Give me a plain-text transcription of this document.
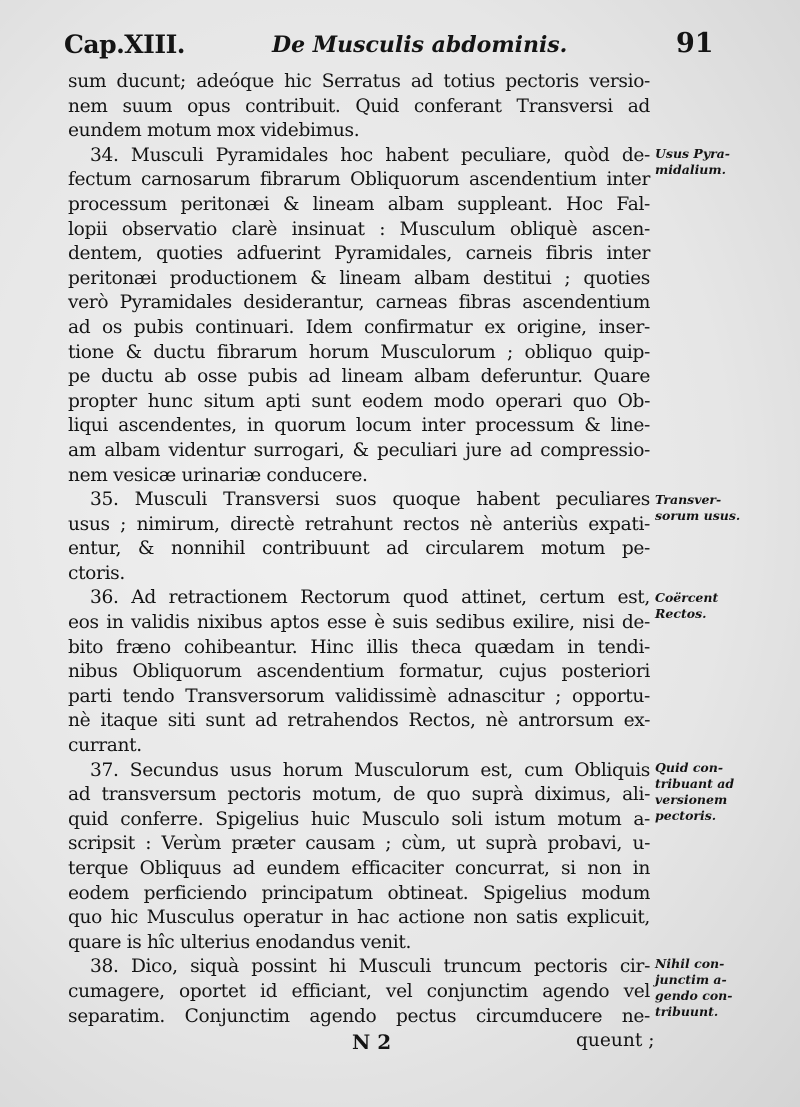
Cap.XIII.	De Musculis abdominis.	91

sum ducunt; adeóque hic Serratus ad totius pectoris versio-
nem suum opus contribuit. Quid conferant Transversi ad
eundem motum mox videbimus.

34. Musculi Pyramidales hoc habent peculiare, quòd de-
fectum carnosarum fibrarum Obliquorum ascendentium inter
processum peritonæi & lineam albam suppleant. Hoc Fal-
lopii observatio clarè insinuat : Musculum obliquè ascen-
dentem, quoties adfuerint Pyramidales, carneis fibris inter
peritonæi productionem & lineam albam destitui ; quoties
verò Pyramidales desiderantur, carneas fibras ascendentium
ad os pubis continuari. Idem confirmatur ex origine, inser-
tione & ductu fibrarum horum Musculorum ; obliquo quip-
pe ductu ab osse pubis ad lineam albam deferuntur. Quare
propter hunc situm apti sunt eodem modo operari quo Ob-
liqui ascendentes, in quorum locum inter processum & line-
am albam videntur surrogari, & peculiari jure ad compressio-
nem vesicæ urinariæ conducere.

35. Musculi Transversi suos quoque habent peculiares
usus ; nimirum, directè retrahunt rectos nè anteriùs expati-
entur, & nonnihil contribuunt ad circularem motum pe-
ctoris.

36. Ad retractionem Rectorum quod attinet, certum est,
eos in validis nixibus aptos esse è suis sedibus exilire, nisi de-
bito fræno cohibeantur. Hinc illis theca quædam in tendi-
nibus Obliquorum ascendentium formatur, cujus posteriori
parti tendo Transversorum validissimè adnascitur ; opportu-
nè itaque siti sunt ad retrahendos Rectos, nè antrorsum ex-
currant.

37. Secundus usus horum Musculorum est, cum Obliquis
ad transversum pectoris motum, de quo suprà diximus, ali-
quid conferre. Spigelius huic Musculo soli istum motum a-
scripsit : Verùm præter causam ; cùm, ut suprà probavi, u-
terque Obliquus ad eundem efficaciter concurrat, si non in
eodem perficiendo principatum obtineat. Spigelius modum
quo hic Musculus operatur in hac actione non satis explicuit,
quare is hîc ulterius enodandus venit.

38. Dico, siquà possint hi Musculi truncum pectoris cir-
cumagere, oportet id efficiant, vel conjunctim agendo vel
separatim. Conjunctim agendo pectus circumducere ne-

Usus Pyra-
midalium.
Transver-
sorum usus.
Coërcent
Rectos.
Quid con-
tribuant ad
versionem
pectoris.
Nihil con-
junctim a-
gendo con-
tribuunt.
N 2	queunt ;
